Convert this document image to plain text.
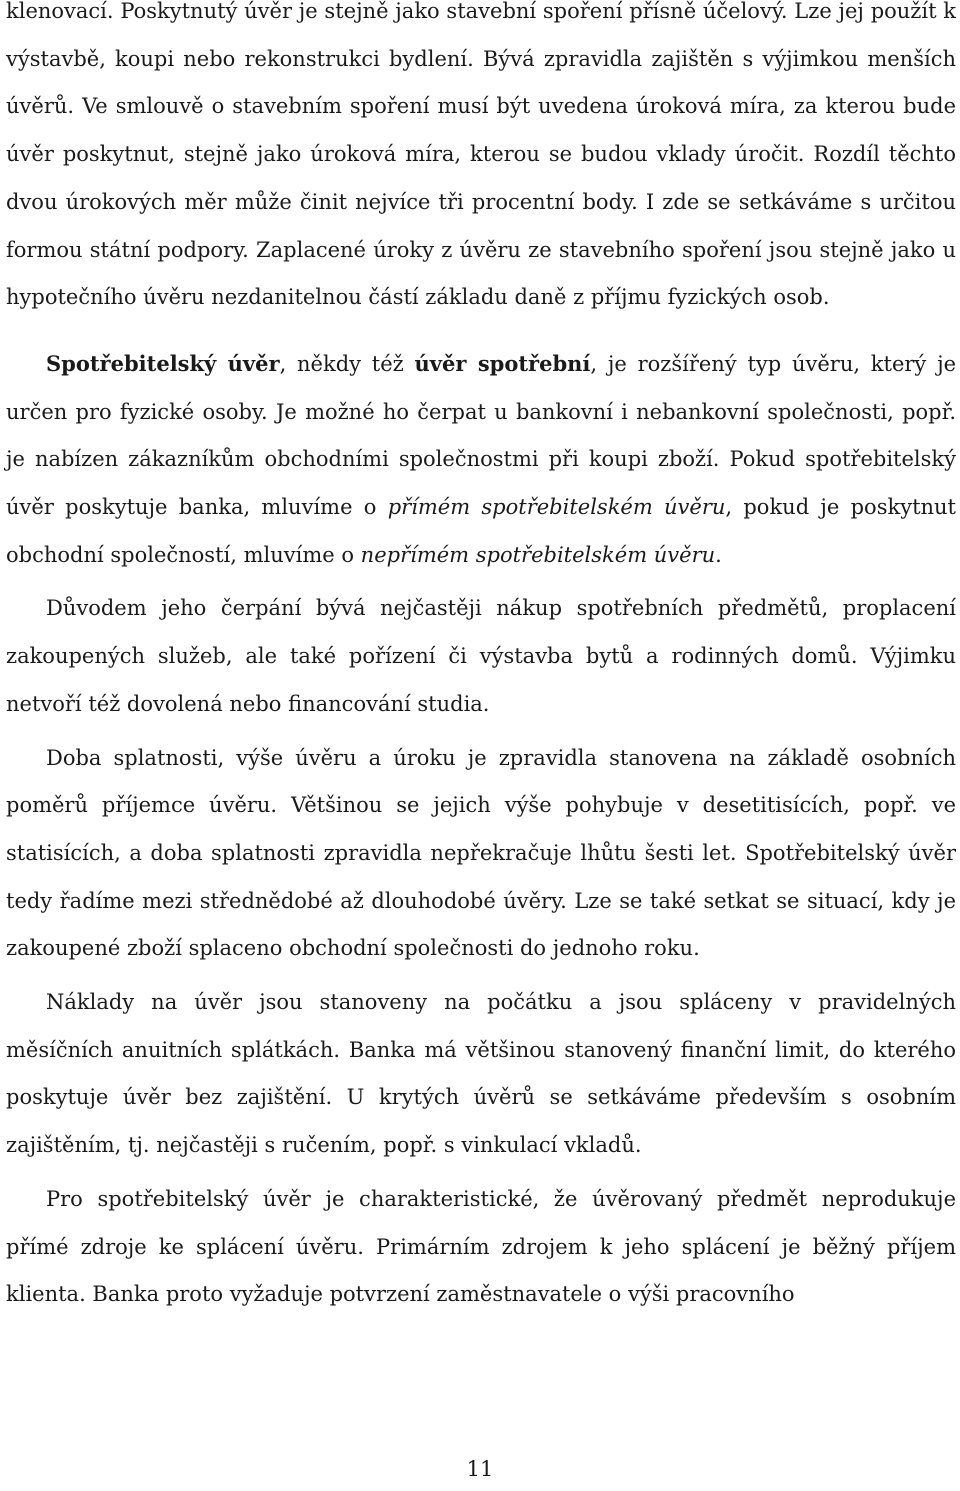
klenovací. Poskytnutý úvěr je stejně jako stavební spoření přísně účelový. Lze jej použít k výstavbě, koupi nebo rekonstrukci bydlení. Bývá zpravidla zajištěn s výjimkou menších úvěrů. Ve smlouvě o stavebním spoření musí být uvedena úroková míra, za kterou bude úvěr poskytnut, stejně jako úroková míra, kterou se budou vklady úročit. Rozdíl těchto dvou úrokových měr může činit nejvíce tři procentní body. I zde se setkáváme s určitou formou státní podpory. Zaplacené úroky z úvěru ze stavebního spoření jsou stejně jako u hypotečního úvěru nezdanitelnou částí základu daně z příjmu fyzických osob.

Spotřebitelský úvěr, někdy též úvěr spotřební, je rozšířený typ úvěru, který je určen pro fyzické osoby. Je možné ho čerpat u bankovní i nebankovní společnosti, popř. je nabízen zákazníkům obchodními společnostmi při koupi zboží. Pokud spotřebitelský úvěr poskytuje banka, mluvíme o přímém spotřebitelském úvěru, pokud je poskytnut obchodní společností, mluvíme o nepřímém spotřebitelském úvěru.

Důvodem jeho čerpání bývá nejčastěji nákup spotřebních předmětů, proplacení zakoupených služeb, ale také pořízení či výstavba bytů a rodinných domů. Výjimku netvoří též dovolená nebo financování studia.

Doba splatnosti, výše úvěru a úroku je zpravidla stanovena na základě osobních poměrů příjemce úvěru. Většinou se jejich výše pohybuje v desetitisících, popř. ve statisících, a doba splatnosti zpravidla nepřekračuje lhůtu šesti let. Spotřebitelský úvěr tedy řadíme mezi střednědobé až dlouhodobé úvěry. Lze se také setkat se situací, kdy je zakoupené zboží splaceno obchodní společnosti do jednoho roku.

Náklady na úvěr jsou stanoveny na počátku a jsou spláceny v pravidelných měsíčních anuitních splátkách. Banka má většinou stanovený finanční limit, do kterého poskytuje úvěr bez zajištění. U krytých úvěrů se setkáváme především s osobním zajištěním, tj. nejčastěji s ručením, popř. s vinkulací vkladů.

Pro spotřebitelský úvěr je charakteristické, že úvěrovaný předmět neprodukuje přímé zdroje ke splácení úvěru. Primárním zdrojem k jeho splácení je běžný příjem klienta. Banka proto vyžaduje potvrzení zaměstnavatele o výši pracovního

11
